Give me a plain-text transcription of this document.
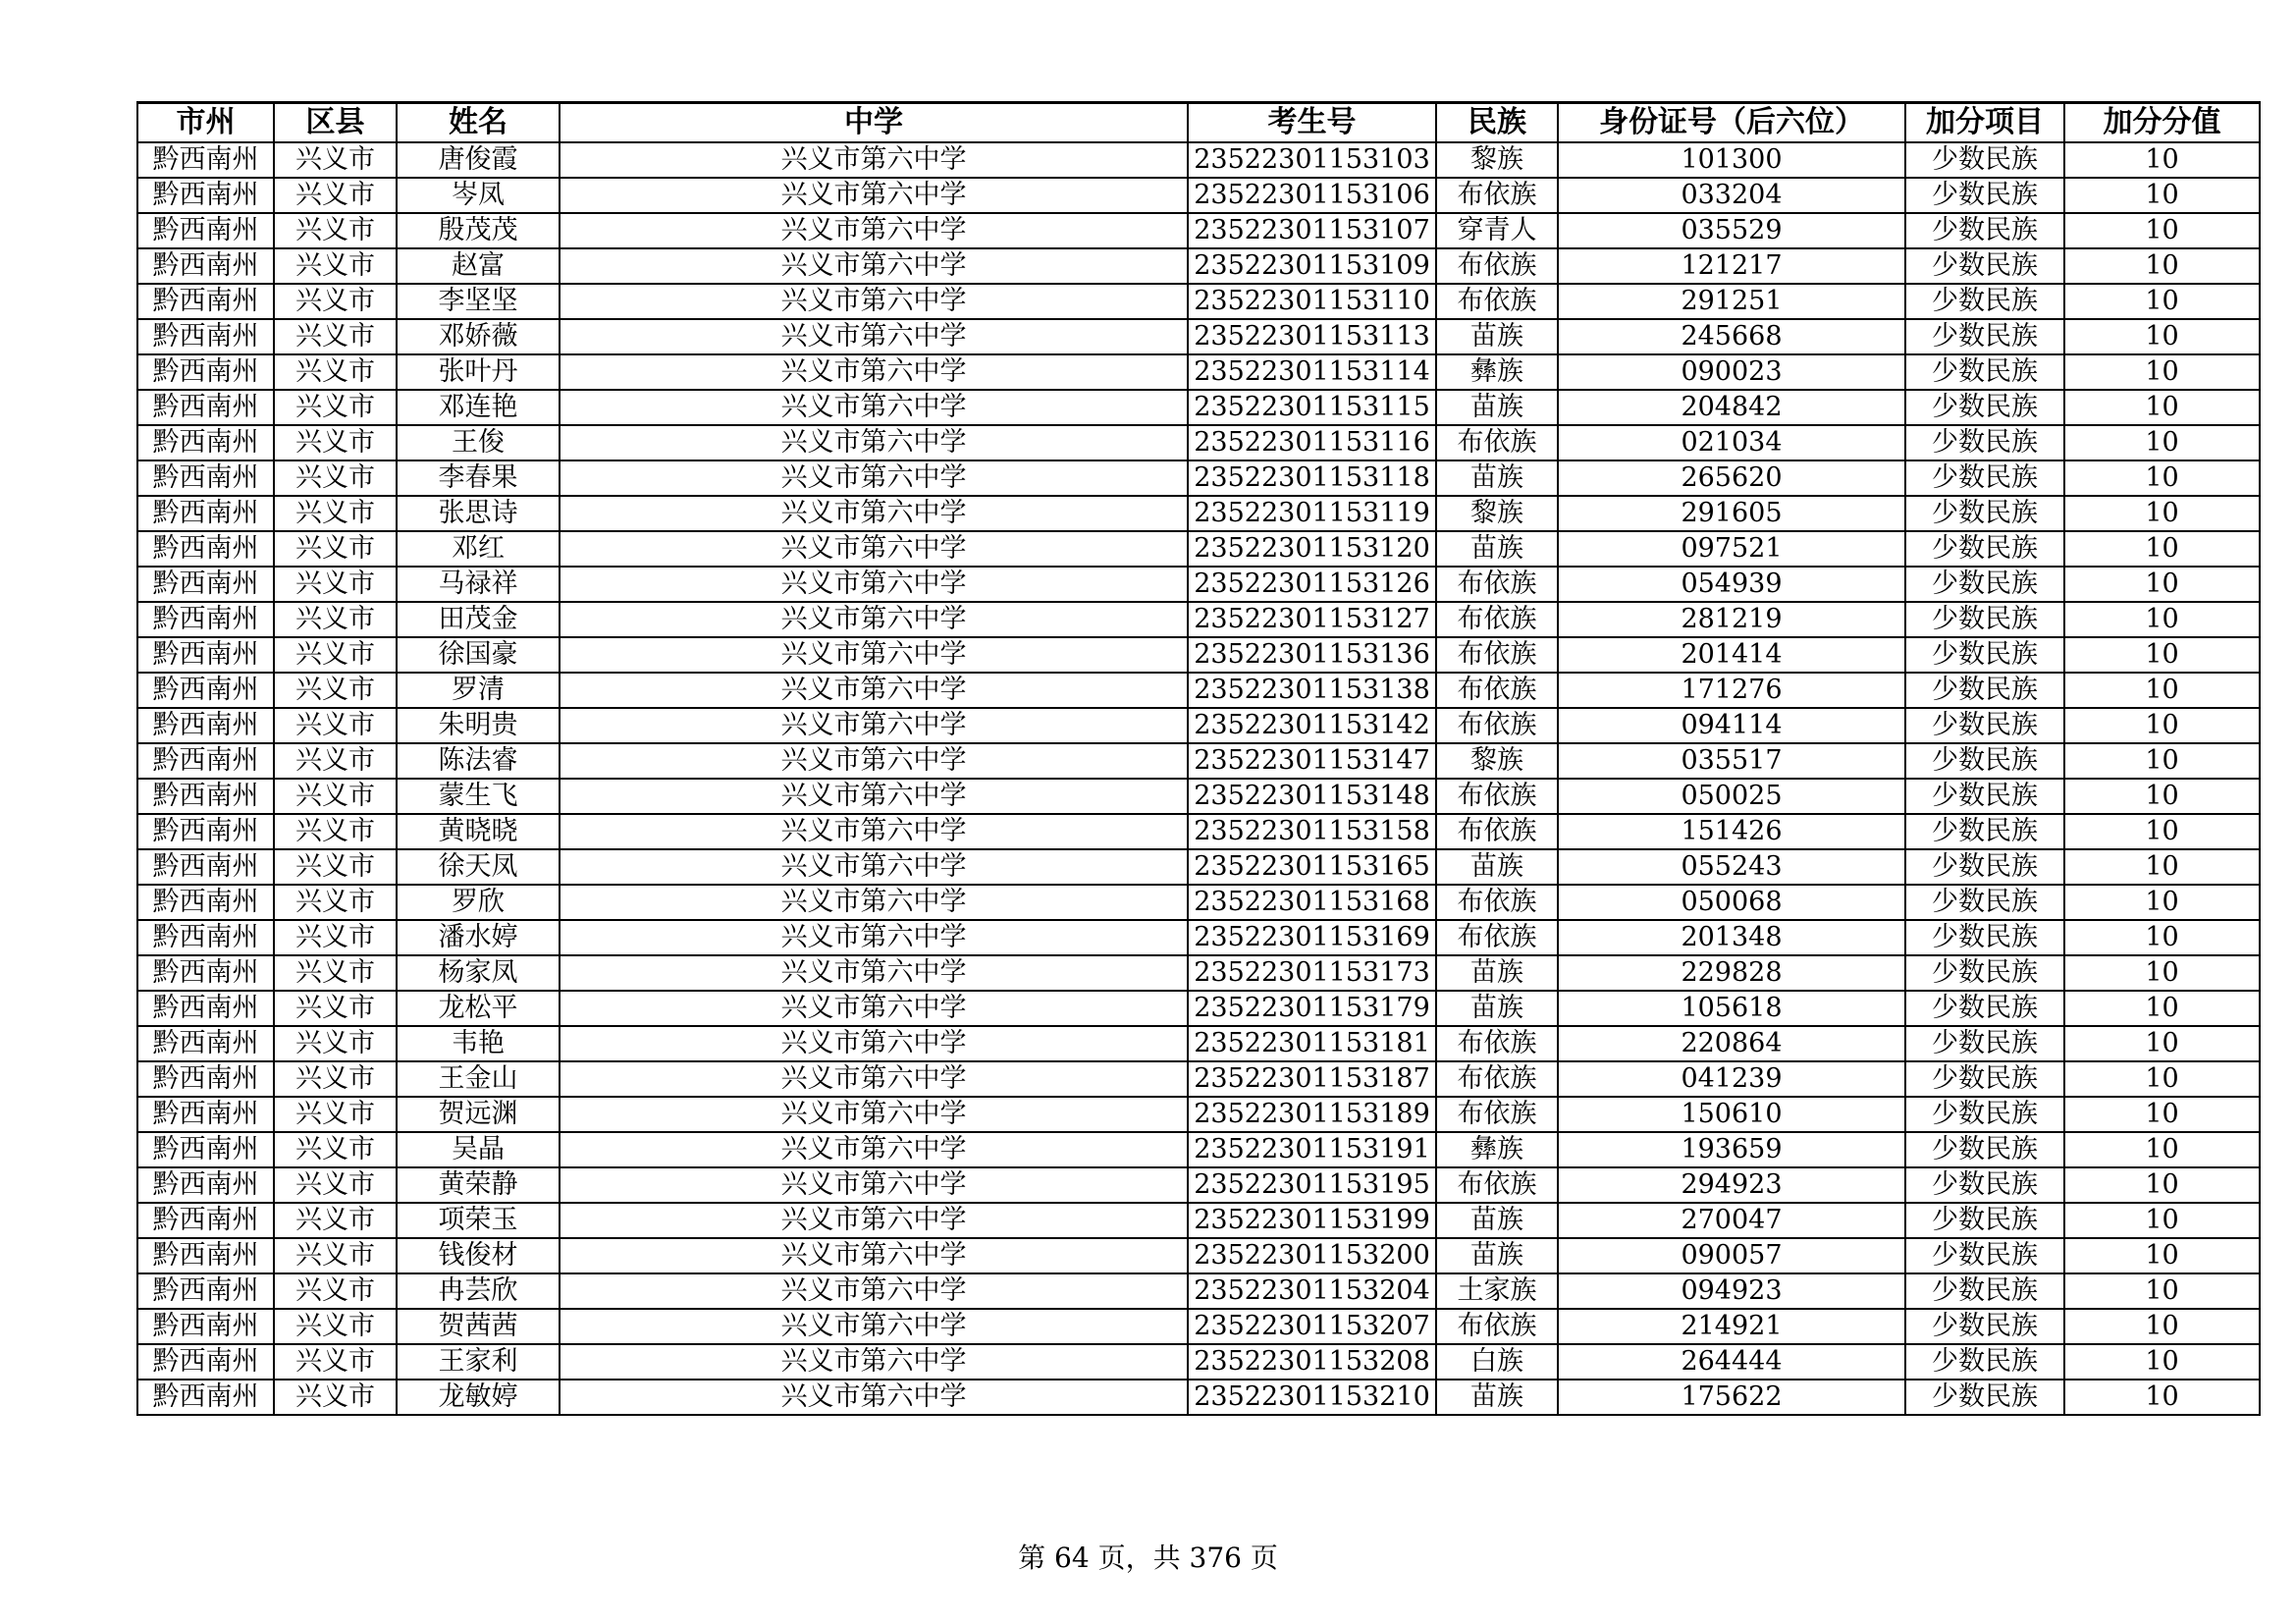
市州	区县	姓名	中学	考生号	民族	身份证号（后六位）	加分项目	加分分值
黔西南州	兴义市	唐俊霞	兴义市第六中学	23522301153103	黎族	101300	少数民族	10
黔西南州	兴义市	岑凤	兴义市第六中学	23522301153106	布依族	033204	少数民族	10
黔西南州	兴义市	殷茂茂	兴义市第六中学	23522301153107	穿青人	035529	少数民族	10
黔西南州	兴义市	赵富	兴义市第六中学	23522301153109	布依族	121217	少数民族	10
黔西南州	兴义市	李坚坚	兴义市第六中学	23522301153110	布依族	291251	少数民族	10
黔西南州	兴义市	邓娇薇	兴义市第六中学	23522301153113	苗族	245668	少数民族	10
黔西南州	兴义市	张叶丹	兴义市第六中学	23522301153114	彝族	090023	少数民族	10
黔西南州	兴义市	邓连艳	兴义市第六中学	23522301153115	苗族	204842	少数民族	10
黔西南州	兴义市	王俊	兴义市第六中学	23522301153116	布依族	021034	少数民族	10
黔西南州	兴义市	李春果	兴义市第六中学	23522301153118	苗族	265620	少数民族	10
黔西南州	兴义市	张思诗	兴义市第六中学	23522301153119	黎族	291605	少数民族	10
黔西南州	兴义市	邓红	兴义市第六中学	23522301153120	苗族	097521	少数民族	10
黔西南州	兴义市	马禄祥	兴义市第六中学	23522301153126	布依族	054939	少数民族	10
黔西南州	兴义市	田茂金	兴义市第六中学	23522301153127	布依族	281219	少数民族	10
黔西南州	兴义市	徐国豪	兴义市第六中学	23522301153136	布依族	201414	少数民族	10
黔西南州	兴义市	罗清	兴义市第六中学	23522301153138	布依族	171276	少数民族	10
黔西南州	兴义市	朱明贵	兴义市第六中学	23522301153142	布依族	094114	少数民族	10
黔西南州	兴义市	陈法睿	兴义市第六中学	23522301153147	黎族	035517	少数民族	10
黔西南州	兴义市	蒙生飞	兴义市第六中学	23522301153148	布依族	050025	少数民族	10
黔西南州	兴义市	黄晓晓	兴义市第六中学	23522301153158	布依族	151426	少数民族	10
黔西南州	兴义市	徐天凤	兴义市第六中学	23522301153165	苗族	055243	少数民族	10
黔西南州	兴义市	罗欣	兴义市第六中学	23522301153168	布依族	050068	少数民族	10
黔西南州	兴义市	潘水婷	兴义市第六中学	23522301153169	布依族	201348	少数民族	10
黔西南州	兴义市	杨家凤	兴义市第六中学	23522301153173	苗族	229828	少数民族	10
黔西南州	兴义市	龙松平	兴义市第六中学	23522301153179	苗族	105618	少数民族	10
黔西南州	兴义市	韦艳	兴义市第六中学	23522301153181	布依族	220864	少数民族	10
黔西南州	兴义市	王金山	兴义市第六中学	23522301153187	布依族	041239	少数民族	10
黔西南州	兴义市	贺远渊	兴义市第六中学	23522301153189	布依族	150610	少数民族	10
黔西南州	兴义市	吴晶	兴义市第六中学	23522301153191	彝族	193659	少数民族	10
黔西南州	兴义市	黄荣静	兴义市第六中学	23522301153195	布依族	294923	少数民族	10
黔西南州	兴义市	项荣玉	兴义市第六中学	23522301153199	苗族	270047	少数民族	10
黔西南州	兴义市	钱俊材	兴义市第六中学	23522301153200	苗族	090057	少数民族	10
黔西南州	兴义市	冉芸欣	兴义市第六中学	23522301153204	土家族	094923	少数民族	10
黔西南州	兴义市	贺茜茜	兴义市第六中学	23522301153207	布依族	214921	少数民族	10
黔西南州	兴义市	王家利	兴义市第六中学	23522301153208	白族	264444	少数民族	10
黔西南州	兴义市	龙敏婷	兴义市第六中学	23522301153210	苗族	175622	少数民族	10
第 64 页，共 376 页
